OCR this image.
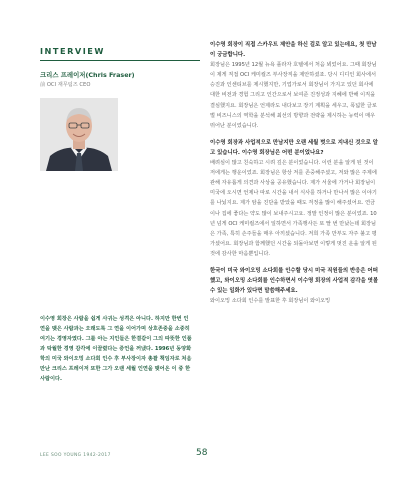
INTERVIEW
크리스 프레이저(Chris Fraser)
前 OCI 재무팀즈 CEO
이수영 회장은 사람을 쉽게 사귀는 성격은 아니다. 하지만 한번 인연을 맺은 사람과는 오래도록 그 연을 이어가며 상호존중을 소중히 여기는 경영자였다. 그를 아는 지인들은 한결같이 그의 따뜻한 인품과 탁월한 경영 감각에 이끌렸다는 증언을 꺼냈다. 1996년 동양화학의 미국 와이오밍 소다회 인수 후 부사장이자 총괄 책임자로 처음 만난 크리스 프레이저 또한 그가 오랜 세월 인연을 맺어온 이 중 한 사람이다.
이수영 회장이 직접 스카우트 제안을 하신 걸로 알고 있는데요, 첫 만남이 궁금합니다.
회장님은 1995년 12월 뉴욕 플라자 호텔에서 처음 뵈었어요. 그때 회장님이 제게 직접 OCI 케미컬즈 부사장직을 제안하셨죠. 당시 디디인 회사에서 승진과 인센티브를 제시했지만, 기업가로서 회장님이 가지고 있던 회사에 대한 비전과 경험 그리고 인간으로서 보여준 진정성과 지혜에 반해 이직을 결심했지요. 회장님은 언제라도 내다보고 장기 계획을 세우고, 폭넓한 글로벌 비즈니스의 역학을 분석해 최선의 방향과 전략을 제시하는 능력이 매우 뛰어난 분이었습니다.
이수영 회장과 사업적으로 만남지만 오랜 세월 벗으로 지내신 것으로 알고 있습니다. 이수영 회장님은 어떤 분이었나요?
배려심이 많고 친숙하고 시려 깊은 분이었습니다. 이런 분을 알게 된 것이 저에게는 행운이었죠. 회장님은 항상 저를 존중해주셨고, 저와 많은 주제에 관해 자유롭게 의견과 사상을 공유했습니다. 제가 서울에 가거나 회장님이 미국에 오시면 언제나 따로 시간을 내서 식사를 하거나 만나서 많은 이야기를 나눴지요. 제가 암을 진단을 받았을 때도 걱정을 많이 해주셨어요. 연금이나 집에 좋다는 약도 많이 보내주시고요. 정말 인정이 많은 분이었죠. 10년 넘게 OCI 케미컬즈에서 일하면서 가족행사든 또 딸 번 만났는데 회장님은 가족, 특히 손주들을 매우 아끼셨습니다. 저희 가족 만부도 자주 불고 평가셨어요. 회장님과 함께했던 시간을 되돌아보면 이렇게 멋진 운을 알게 된 것에 감사한 마음뿐입니다.
한국이 미국 와이오밍 소다회를 인수할 당시 미국 직원들의 반응은 어떠했고, 와이오밍 소다회를 인수하면서 이수영 회장의 사업적 감각을 엿볼 수 있는 일화가 있다면 말씀해주세요.
와이오밍 소다회 인수를 발표한 후 회장님이 와이오밍
LEE SOO YOUNG 1942-2017	58
